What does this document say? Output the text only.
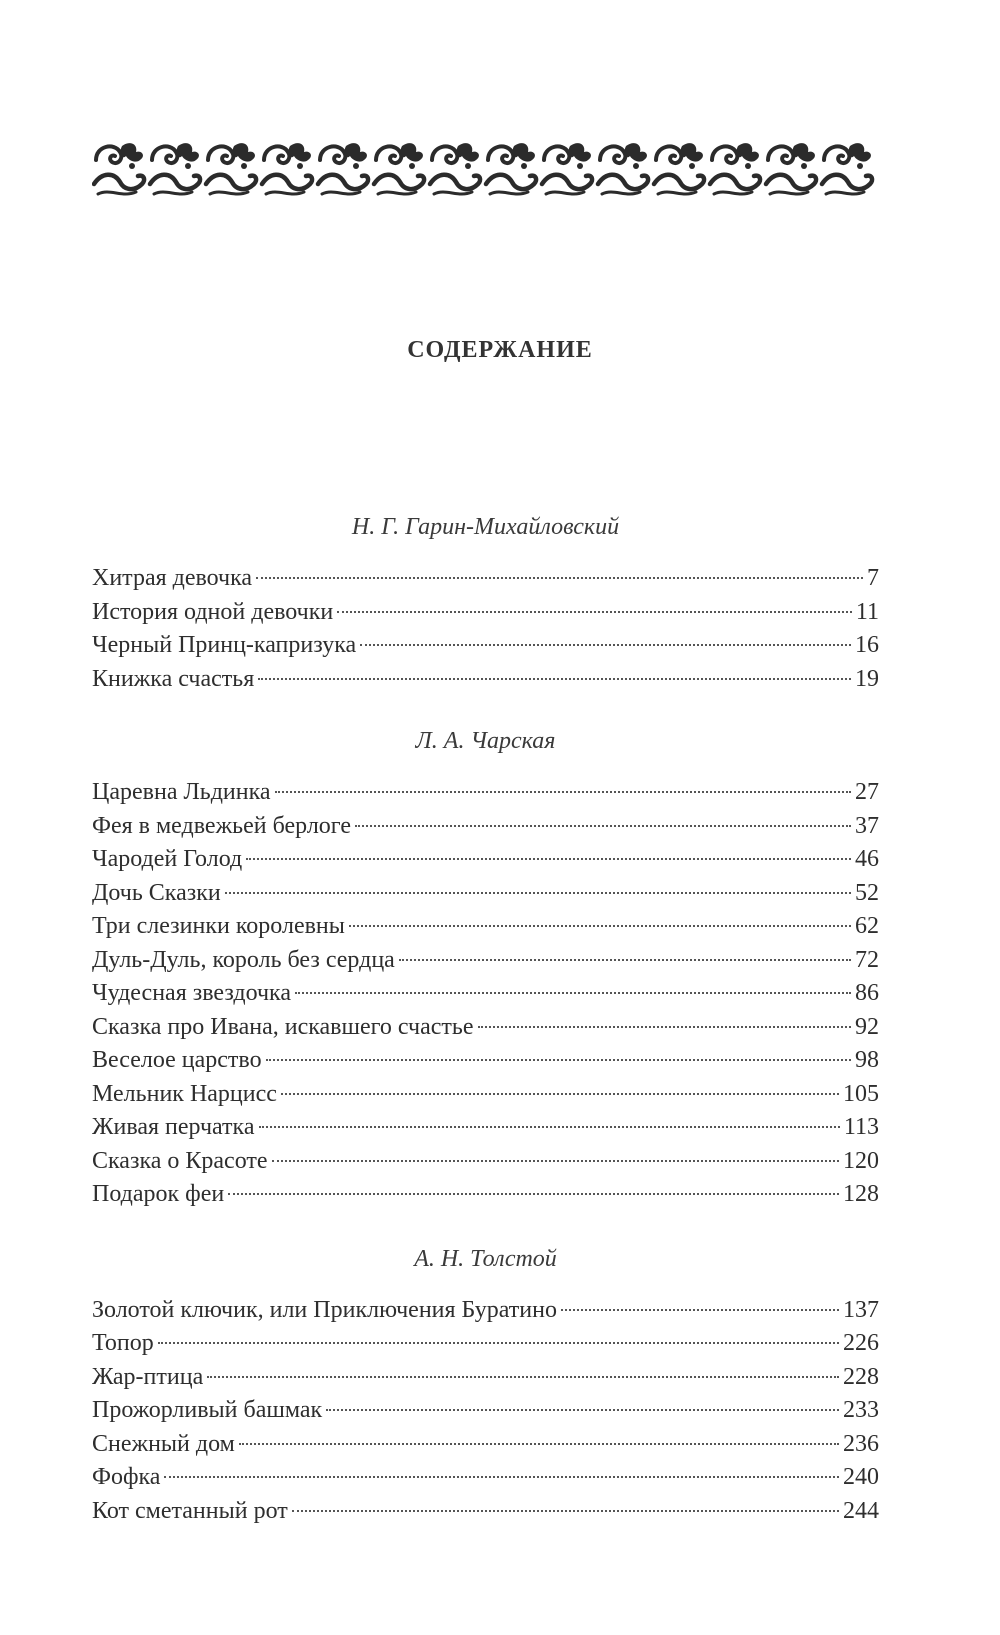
СОДЕРЖАНИЕ
Н. Г. Гарин-Михайловский
Хитрая девочка	7
История одной девочки	11
Черный Принц-капризука	16
Книжка счастья	19
Л. А. Чарская
Царевна Льдинка	27
Фея в медвежьей берлоге	37
Чародей Голод	46
Дочь Сказки	52
Три слезинки королевны	62
Дуль-Дуль, король без сердца	72
Чудесная звездочка	86
Сказка про Ивана, искавшего счастье	92
Веселое царство	98
Мельник Нарцисс	105
Живая перчатка	113
Сказка о Красоте	120
Подарок феи	128
А. Н. Толстой
Золотой ключик, или Приключения Буратино	137
Топор	226
Жар-птица	228
Прожорливый башмак	233
Снежный дом	236
Фофка	240
Кот сметанный рот	244
